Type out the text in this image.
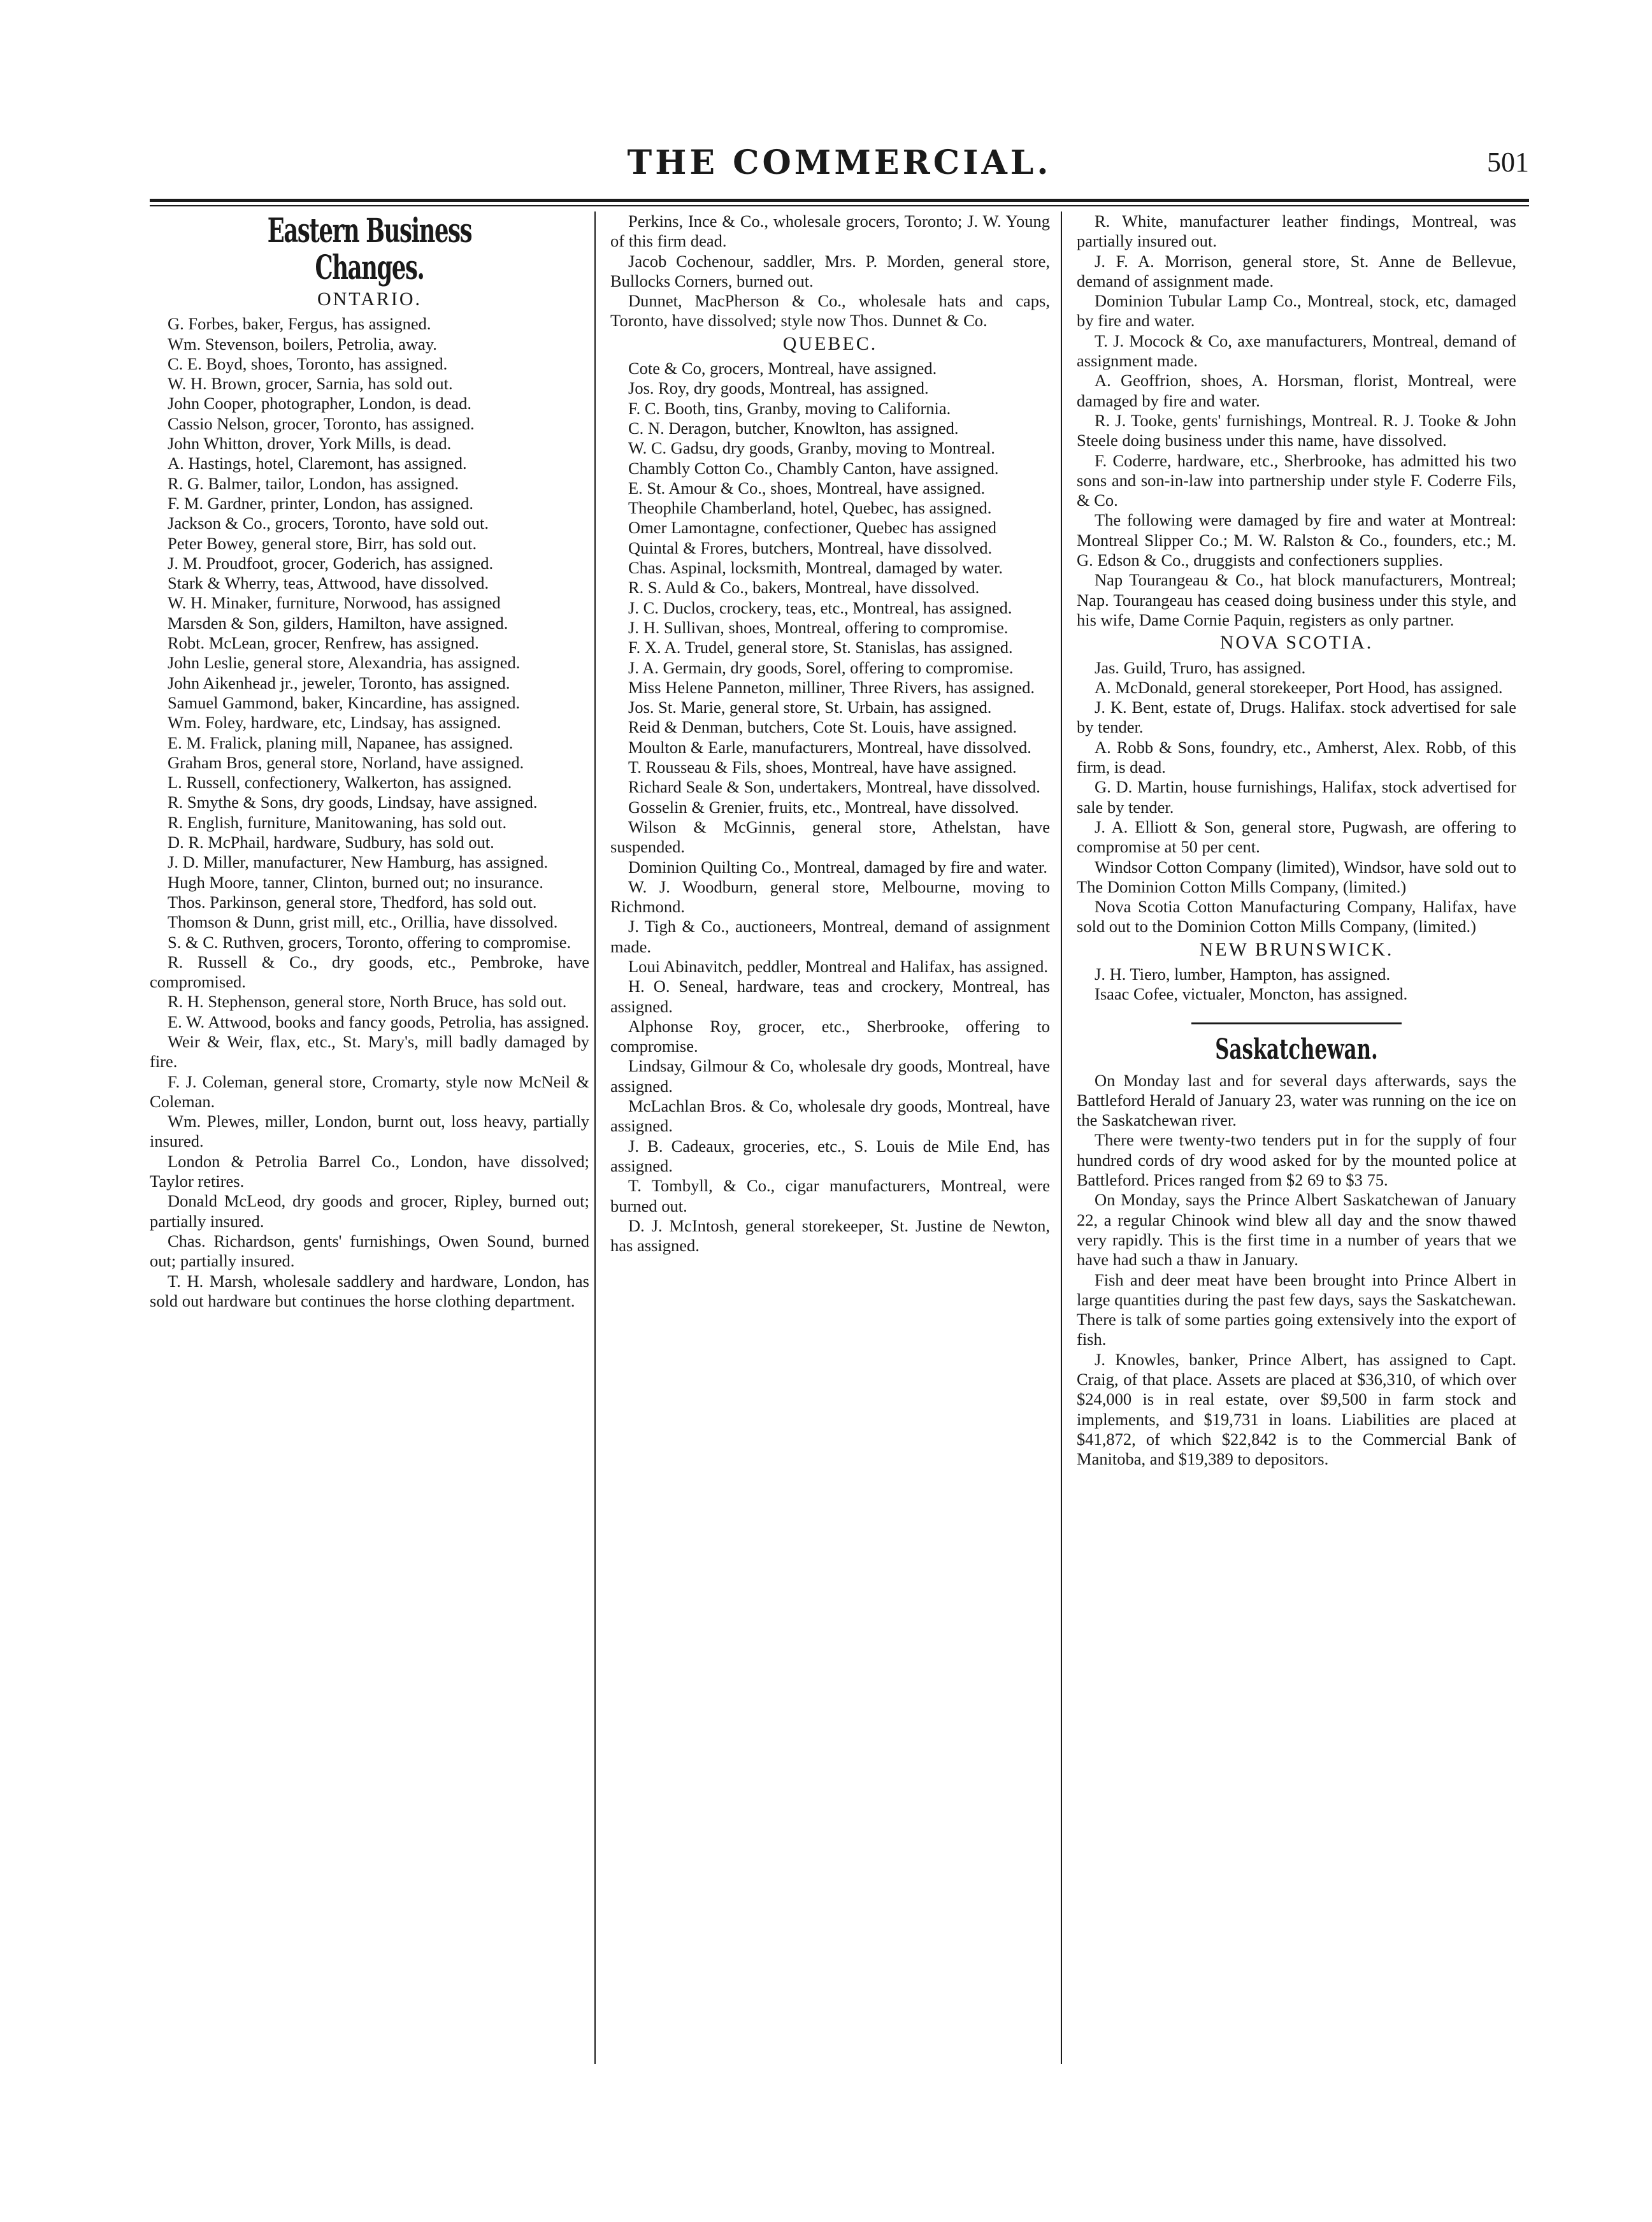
THE COMMERCIAL.	501
Eastern Business Changes.
ONTARIO.

G. Forbes, baker, Fergus, has assigned.

Wm. Stevenson, boilers, Petrolia, away.

C. E. Boyd, shoes, Toronto, has assigned.

W. H. Brown, grocer, Sarnia, has sold out.

John Cooper, photographer, London, is dead.

Cassio Nelson, grocer, Toronto, has assigned.

John Whitton, drover, York Mills, is dead.

A. Hastings, hotel, Claremont, has assigned.

R. G. Balmer, tailor, London, has assigned.

F. M. Gardner, printer, London, has assigned.

Jackson & Co., grocers, Toronto, have sold out.

Peter Bowey, general store, Birr, has sold out.

J. M. Proudfoot, grocer, Goderich, has assigned.

Stark & Wherry, teas, Attwood, have dissolved.

W. H. Minaker, furniture, Norwood, has assigned

Marsden & Son, gilders, Hamilton, have assigned.

Robt. McLean, grocer, Renfrew, has assigned.

John Leslie, general store, Alexandria, has assigned.

John Aikenhead jr., jeweler, Toronto, has assigned.

Samuel Gammond, baker, Kincardine, has assigned.

Wm. Foley, hardware, etc, Lindsay, has assigned.

E. M. Fralick, planing mill, Napanee, has assigned.

Graham Bros, general store, Norland, have assigned.

L. Russell, confectionery, Walkerton, has assigned.

R. Smythe & Sons, dry goods, Lindsay, have assigned.

R. English, furniture, Manitowaning, has sold out.

D. R. McPhail, hardware, Sudbury, has sold out.

J. D. Miller, manufacturer, New Hamburg, has assigned.

Hugh Moore, tanner, Clinton, burned out; no insurance.

Thos. Parkinson, general store, Thedford, has sold out.

Thomson & Dunn, grist mill, etc., Orillia, have dissolved.

S. & C. Ruthven, grocers, Toronto, offering to compromise.

R. Russell & Co., dry goods, etc., Pembroke, have compromised.

R. H. Stephenson, general store, North Bruce, has sold out.

E. W. Attwood, books and fancy goods, Petrolia, has assigned.

Weir & Weir, flax, etc., St. Mary's, mill badly damaged by fire.

F. J. Coleman, general store, Cromarty, style now McNeil & Coleman.

Wm. Plewes, miller, London, burnt out, loss heavy, partially insured.

London & Petrolia Barrel Co., London, have dissolved; Taylor retires.

Donald McLeod, dry goods and grocer, Ripley, burned out; partially insured.

Chas. Richardson, gents' furnishings, Owen Sound, burned out; partially insured.

T. H. Marsh, wholesale saddlery and hardware, London, has sold out hardware but continues the horse clothing department.

Perkins, Ince & Co., wholesale grocers, Toronto; J. W. Young of this firm dead.

Jacob Cochenour, saddler, Mrs. P. Morden, general store, Bullocks Corners, burned out.

Dunnet, MacPherson & Co., wholesale hats and caps, Toronto, have dissolved; style now Thos. Dunnet & Co.

QUEBEC.

Cote & Co, grocers, Montreal, have assigned.

Jos. Roy, dry goods, Montreal, has assigned.

F. C. Booth, tins, Granby, moving to California.

C. N. Deragon, butcher, Knowlton, has assigned.

W. C. Gadsu, dry goods, Granby, moving to Montreal.

Chambly Cotton Co., Chambly Canton, have assigned.

E. St. Amour & Co., shoes, Montreal, have assigned.

Theophile Chamberland, hotel, Quebec, has assigned.

Omer Lamontagne, confectioner, Quebec has assigned

Quintal & Frores, butchers, Montreal, have dissolved.

Chas. Aspinal, locksmith, Montreal, damaged by water.

R. S. Auld & Co., bakers, Montreal, have dissolved.

J. C. Duclos, crockery, teas, etc., Montreal, has assigned.

J. H. Sullivan, shoes, Montreal, offering to compromise.

F. X. A. Trudel, general store, St. Stanislas, has assigned.

J. A. Germain, dry goods, Sorel, offering to compromise.

Miss Helene Panneton, milliner, Three Rivers, has assigned.

Jos. St. Marie, general store, St. Urbain, has assigned.

Reid & Denman, butchers, Cote St. Louis, have assigned.

Moulton & Earle, manufacturers, Montreal, have dissolved.

T. Rousseau & Fils, shoes, Montreal, have have assigned.

Richard Seale & Son, undertakers, Montreal, have dissolved.

Gosselin & Grenier, fruits, etc., Montreal, have dissolved.

Wilson & McGinnis, general store, Athelstan, have suspended.

Dominion Quilting Co., Montreal, damaged by fire and water.

W. J. Woodburn, general store, Melbourne, moving to Richmond.

J. Tigh & Co., auctioneers, Montreal, demand of assignment made.

Loui Abinavitch, peddler, Montreal and Halifax, has assigned.

H. O. Seneal, hardware, teas and crockery, Montreal, has assigned.

Alphonse Roy, grocer, etc., Sherbrooke, offering to compromise.

Lindsay, Gilmour & Co, wholesale dry goods, Montreal, have assigned.

McLachlan Bros. & Co, wholesale dry goods, Montreal, have assigned.

J. B. Cadeaux, groceries, etc., S. Louis de Mile End, has assigned.

T. Tombyll, & Co., cigar manufacturers, Montreal, were burned out.

D. J. McIntosh, general storekeeper, St. Justine de Newton, has assigned.

R. White, manufacturer leather findings, Montreal, was partially insured out.

J. F. A. Morrison, general store, St. Anne de Bellevue, demand of assignment made.

Dominion Tubular Lamp Co., Montreal, stock, etc, damaged by fire and water.

T. J. Mocock & Co, axe manufacturers, Montreal, demand of assignment made.

A. Geoffrion, shoes, A. Horsman, florist, Montreal, were damaged by fire and water.

R. J. Tooke, gents' furnishings, Montreal. R. J. Tooke & John Steele doing business under this name, have dissolved.

F. Coderre, hardware, etc., Sherbrooke, has admitted his two sons and son-in-law into partnership under style F. Coderre Fils, & Co.

The following were damaged by fire and water at Montreal: Montreal Slipper Co.; M. W. Ralston & Co., founders, etc.; M. G. Edson & Co., druggists and confectioners supplies.

Nap Tourangeau & Co., hat block manufacturers, Montreal; Nap. Tourangeau has ceased doing business under this style, and his wife, Dame Cornie Paquin, registers as only partner.

NOVA SCOTIA.

Jas. Guild, Truro, has assigned.

A. McDonald, general storekeeper, Port Hood, has assigned.

J. K. Bent, estate of, Drugs. Halifax. stock advertised for sale by tender.

A. Robb & Sons, foundry, etc., Amherst, Alex. Robb, of this firm, is dead.

G. D. Martin, house furnishings, Halifax, stock advertised for sale by tender.

J. A. Elliott & Son, general store, Pugwash, are offering to compromise at 50 per cent.

Windsor Cotton Company (limited), Windsor, have sold out to The Dominion Cotton Mills Company, (limited.)

Nova Scotia Cotton Manufacturing Company, Halifax, have sold out to the Dominion Cotton Mills Company, (limited.)

NEW BRUNSWICK.

J. H. Tiero, lumber, Hampton, has assigned.

Isaac Cofee, victualer, Moncton, has assigned.

Saskatchewan.

On Monday last and for several days afterwards, says the Battleford Herald of January 23, water was running on the ice on the Saskatchewan river.

There were twenty-two tenders put in for the supply of four hundred cords of dry wood asked for by the mounted police at Battleford. Prices ranged from $2 69 to $3 75.

On Monday, says the Prince Albert Saskatchewan of January 22, a regular Chinook wind blew all day and the snow thawed very rapidly. This is the first time in a number of years that we have had such a thaw in January.

Fish and deer meat have been brought into Prince Albert in large quantities during the past few days, says the Saskatchewan. There is talk of some parties going extensively into the export of fish.

J. Knowles, banker, Prince Albert, has assigned to Capt. Craig, of that place. Assets are placed at $36,310, of which over $24,000 is in real estate, over $9,500 in farm stock and implements, and $19,731 in loans. Liabilities are placed at $41,872, of which $22,842 is to the Commercial Bank of Manitoba, and $19,389 to depositors.
